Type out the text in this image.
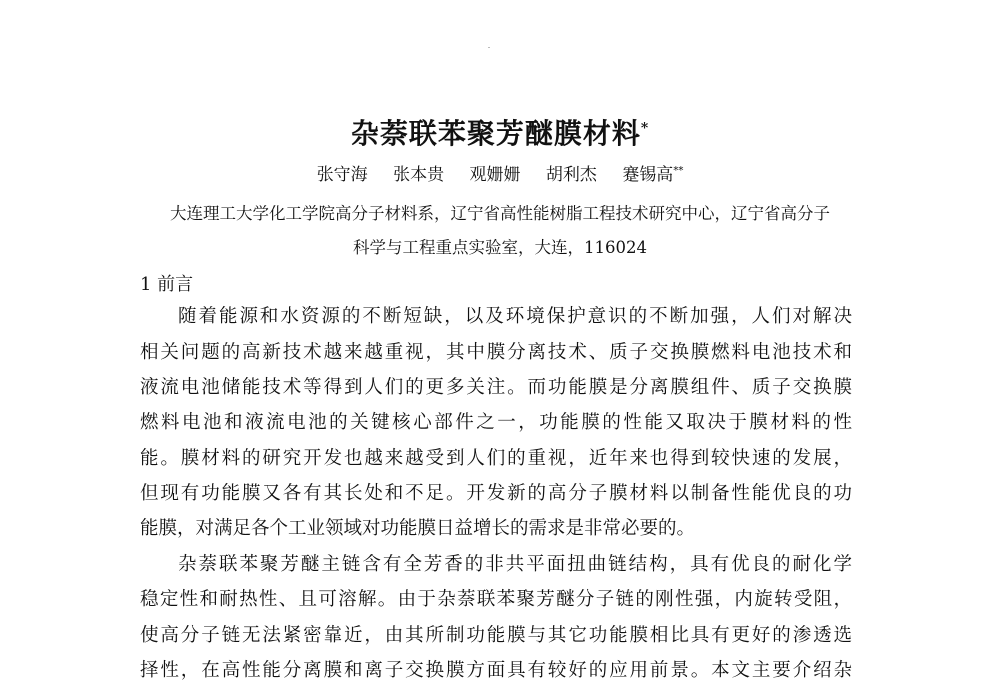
杂萘联苯聚芳醚膜材料*
张守海 张本贵 观姗姗 胡利杰 蹇锡高**
大连理工大学化工学院高分子材料系，辽宁省高性能树脂工程技术研究中心，辽宁省高分子
科学与工程重点实验室，大连，116024
1 前言
随着能源和水资源的不断短缺，以及环境保护意识的不断加强，人们对解决
相关问题的高新技术越来越重视，其中膜分离技术、质子交换膜燃料电池技术和
液流电池储能技术等得到人们的更多关注。而功能膜是分离膜组件、质子交换膜
燃料电池和液流电池的关键核心部件之一，功能膜的性能又取决于膜材料的性
能。膜材料的研究开发也越来越受到人们的重视，近年来也得到较快速的发展，
但现有功能膜又各有其长处和不足。开发新的高分子膜材料以制备性能优良的功
能膜，对满足各个工业领域对功能膜日益增长的需求是非常必要的。
杂萘联苯聚芳醚主链含有全芳香的非共平面扭曲链结构，具有优良的耐化学
稳定性和耐热性、且可溶解。由于杂萘联苯聚芳醚分子链的刚性强，内旋转受阻，
使高分子链无法紧密靠近，由其所制功能膜与其它功能膜相比具有更好的渗透选
择性，在高性能分离膜和离子交换膜方面具有较好的应用前景。本文主要介绍杂
